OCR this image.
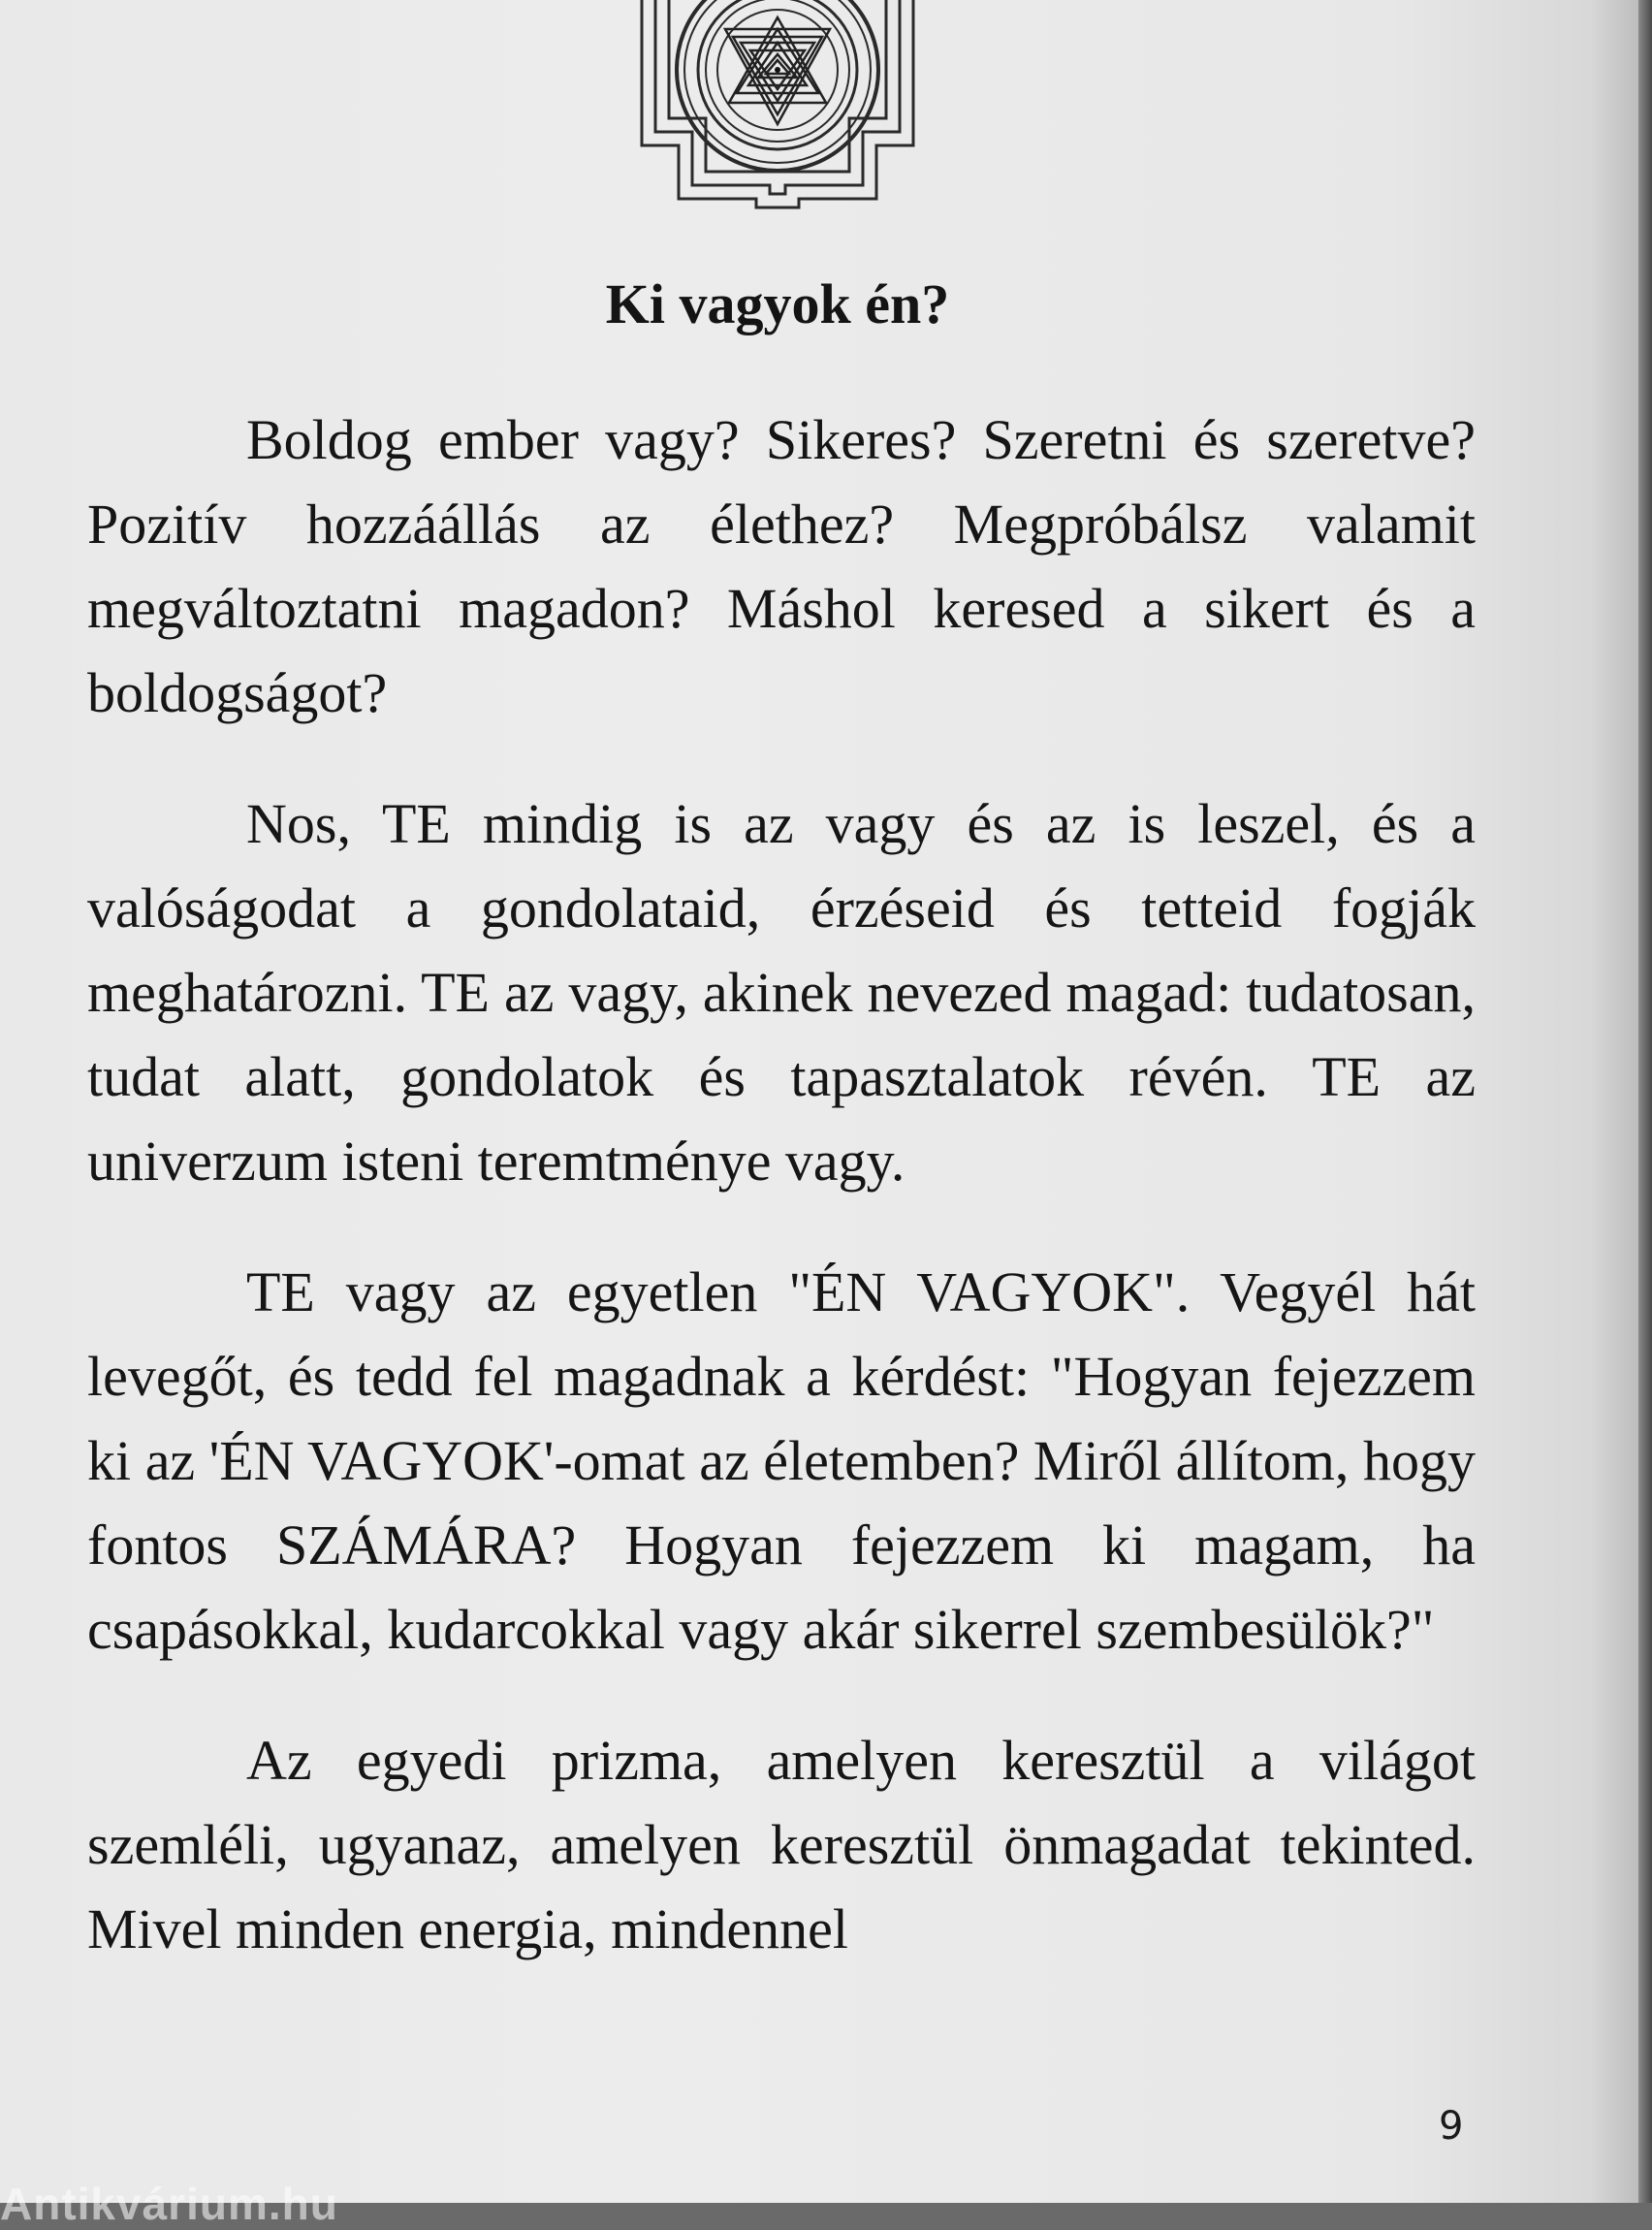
Ki vagyok én?

Boldog ember vagy? Sikeres? Szeretni és szeretve? Pozitív hozzáállás az élethez? Megpróbálsz valamit megváltoztatni magadon? Máshol keresed a sikert és a boldogságot?

Nos, TE mindig is az vagy és az is leszel, és a valóságodat a gondolataid, érzéseid és tetteid fogják meghatározni. TE az vagy, akinek nevezed magad: tudatosan, tudat alatt, gondolatok és tapasztalatok révén. TE az univerzum isteni teremtménye vagy.

TE vagy az egyetlen "ÉN VAGYOK". Vegyél hát levegőt, és tedd fel magadnak a kérdést: "Hogyan fejezzem ki az 'ÉN VAGYOK'-omat az életemben? Miről állítom, hogy fontos SZÁMÁRA? Hogyan fejezzem ki magam, ha csapásokkal, kudarcokkal vagy akár sikerrel szembesülök?"

Az egyedi prizma, amelyen keresztül a világot szemléli, ugyanaz, amelyen keresztül önmagadat tekinted. Mivel minden energia, mindennel

9
Antikvárium.hu
